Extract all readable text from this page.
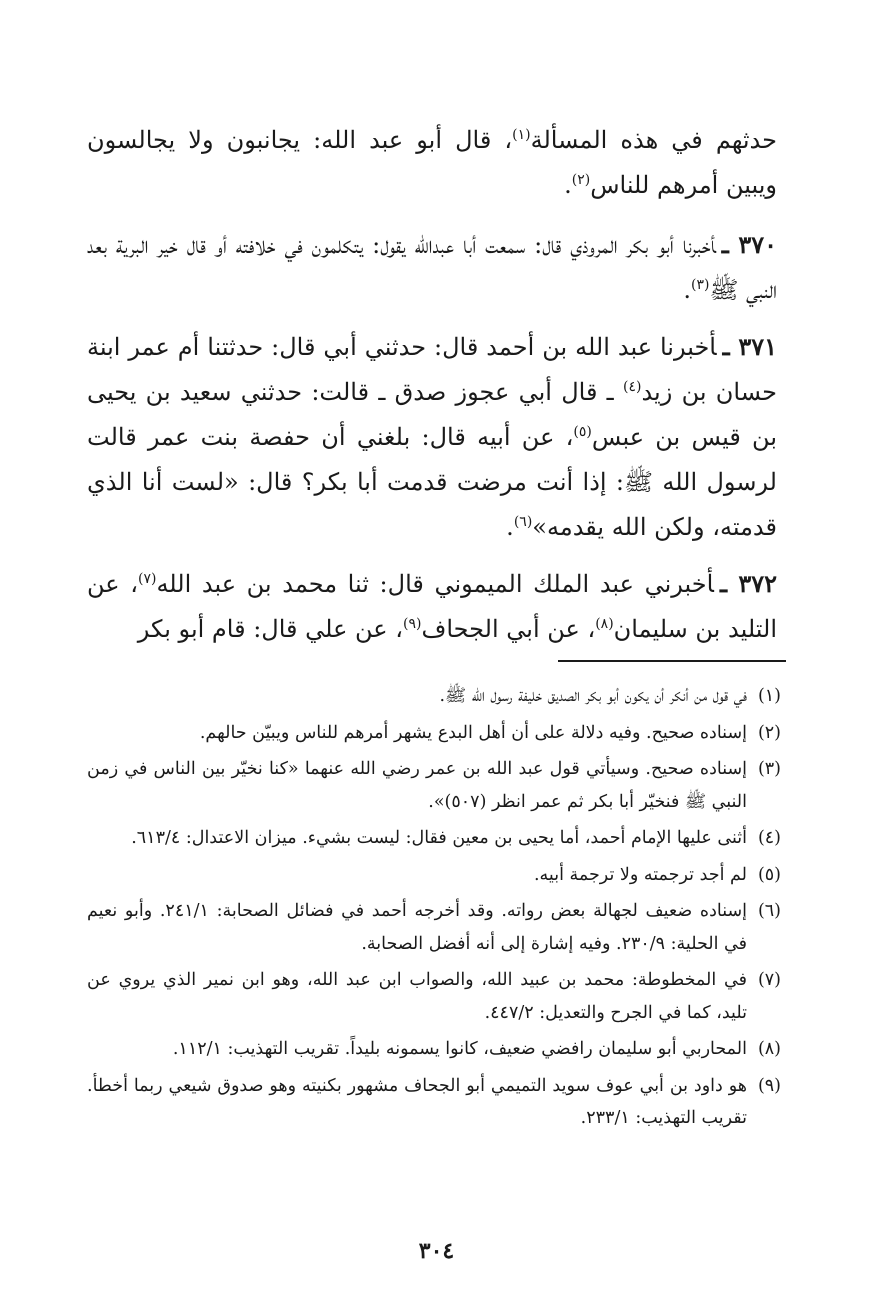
حدثهم في هذه المسألة$^{(١)}$، قال أبو عبد الله: يجانبون ولا يجالسون ويبين أمرهم للناس$^{(٢)}$.

٣٧٠ ـأخبرنا أبو بكر المروذي قال: سمعت أبا عبدالله يقول: يتكلمون في خلافته أو قال خير البرية بعد النبي ﷺ$^{(٣)}$.

٣٧١ ـأخبرنا عبد الله بن أحمد قال: حدثني أبي قال: حدثتنا أم عمر ابنة حسان بن زيد$^{(٤)}$ ـ قال أبي عجوز صدق ـ قالت: حدثني سعيد بن يحيى بن قيس بن عبس$^{(٥)}$، عن أبيه قال: بلغني أن حفصة بنت عمر قالت لرسول الله ﷺ: إذا أنت مرضت قدمت أبا بكر؟ قال: «لست أنا الذي قدمته، ولكن الله يقدمه»$^{(٦)}$.

٣٧٢ ـأخبرني عبد الملك الميموني قال: ثنا محمد بن عبد الله$^{(٧)}$، عن التليد بن سليمان$^{(٨)}$، عن أبي الجحاف$^{(٩)}$، عن علي قال: قام أبو بكر

(١)
في قول من أنكر أن يكون أبو بكر الصديق خليفة رسول الله ﷺ.

(٢)
إسناده صحيح. وفيه دلالة على أن أهل البدع يشهر أمرهم للناس ويبيّن حالهم.

(٣)
إسناده صحيح. وسيأتي قول عبد الله بن عمر رضي الله عنهما «كنا نخيّر بين الناس في زمن النبي ﷺ فنخيّر أبا بكر ثم عمر انظر (٥٠٧)».

(٤)
أثنى عليها الإمام أحمد، أما يحيى بن معين فقال: ليست بشيء. ميزان الاعتدال: ٦١٣/٤.

(٥)
لم أجد ترجمته ولا ترجمة أبيه.

(٦)
إسناده ضعيف لجهالة بعض رواته. وقد أخرجه أحمد في فضائل الصحابة: ٢٤١/١. وأبو نعيم في الحلية: ٢٣٠/٩. وفيه إشارة إلى أنه أفضل الصحابة.

(٧)
في المخطوطة: محمد بن عبيد الله، والصواب ابن عبد الله، وهو ابن نمير الذي يروي عن تليد، كما في الجرح والتعديل: ٤٤٧/٢.

(٨)
المحاربي أبو سليمان رافضي ضعيف، كانوا يسمونه بليداً. تقريب التهذيب: ١١٢/١.

(٩)
هو داود بن أبي عوف سويد التميمي أبو الجحاف مشهور بكنيته وهو صدوق شيعي ربما أخطأ. تقريب التهذيب: ٢٣٣/١.

٣٠٤
